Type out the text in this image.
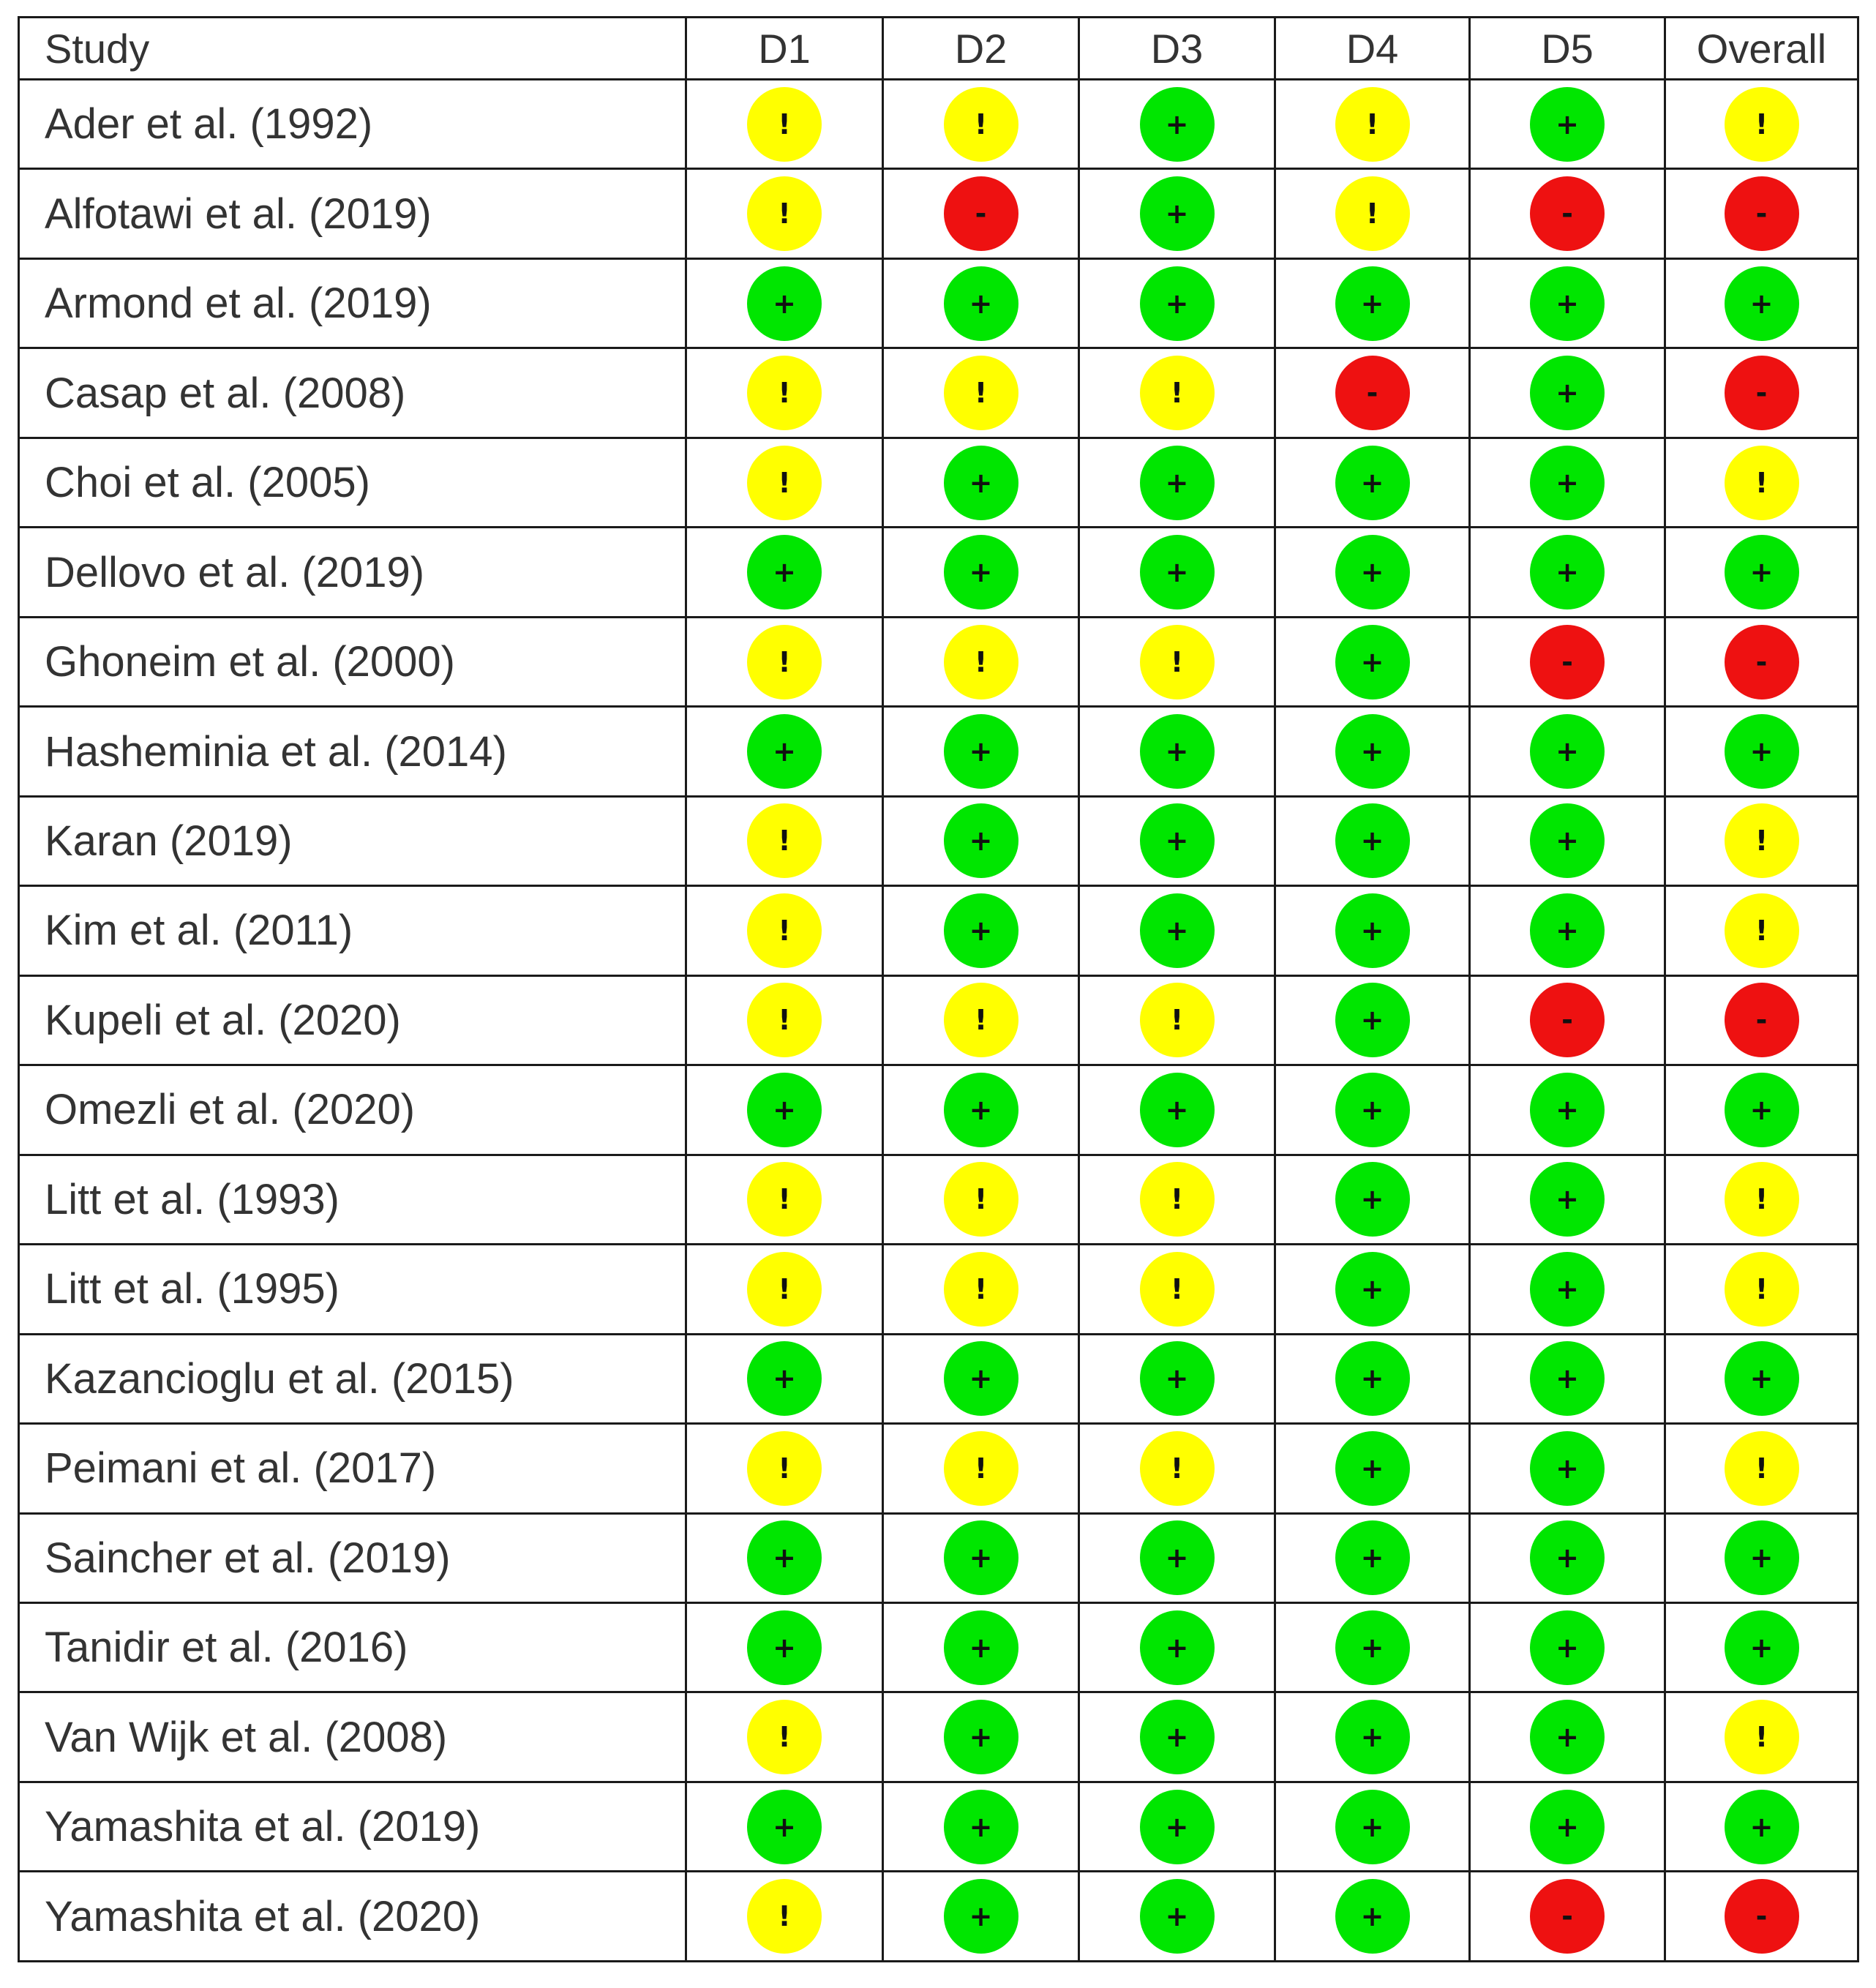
Study	D1	D2	D3	D4	D5	Overall
Ader et al. (1992)	!	!	+	!	+	!
Alfotawi et al. (2019)	!	-	+	!	-	-
Armond et al. (2019)	+	+	+	+	+	+
Casap et al. (2008)	!	!	!	-	+	-
Choi et al. (2005)	!	+	+	+	+	!
Dellovo et al. (2019)	+	+	+	+	+	+
Ghoneim et al. (2000)	!	!	!	+	-	-
Hasheminia et al. (2014)	+	+	+	+	+	+
Karan (2019)	!	+	+	+	+	!
Kim et al. (2011)	!	+	+	+	+	!
Kupeli et al. (2020)	!	!	!	+	-	-
Omezli et al. (2020)	+	+	+	+	+	+
Litt et al. (1993)	!	!	!	+	+	!
Litt et al. (1995)	!	!	!	+	+	!
Kazancioglu et al. (2015)	+	+	+	+	+	+
Peimani et al. (2017)	!	!	!	+	+	!
Saincher et al. (2019)	+	+	+	+	+	+
Tanidir et al. (2016)	+	+	+	+	+	+
Van Wijk et al. (2008)	!	+	+	+	+	!
Yamashita et al. (2019)	+	+	+	+	+	+
Yamashita et al. (2020)	!	+	+	+	-	-
